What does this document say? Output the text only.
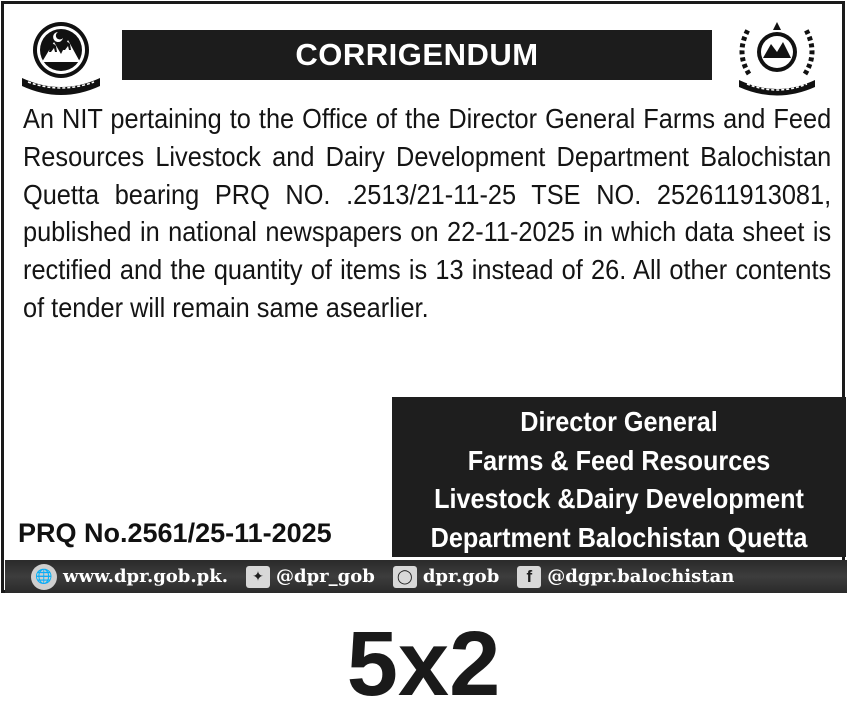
CORRIGENDUM

An NIT pertaining to the Office of the Director General Farms and Feed Resources Livestock and Dairy Development Department Balochistan Quetta bearing PRQ NO. .2513/21-11-25 TSE NO. 252611913081, published in national newspapers on 22-11-2025 in which data sheet is rectified and the quantity of items is 13 instead of 26. All other contents of tender will remain same asearlier.

PRQ No.2561/25-11-2025
Director General
Farms & Feed Resources
Livestock &Dairy Development
Department Balochistan Quetta
🌐 www.dpr.gob.pk.	✦ @dpr_gob ◯ dpr.gob	f @dgpr.balochistan
5x2
